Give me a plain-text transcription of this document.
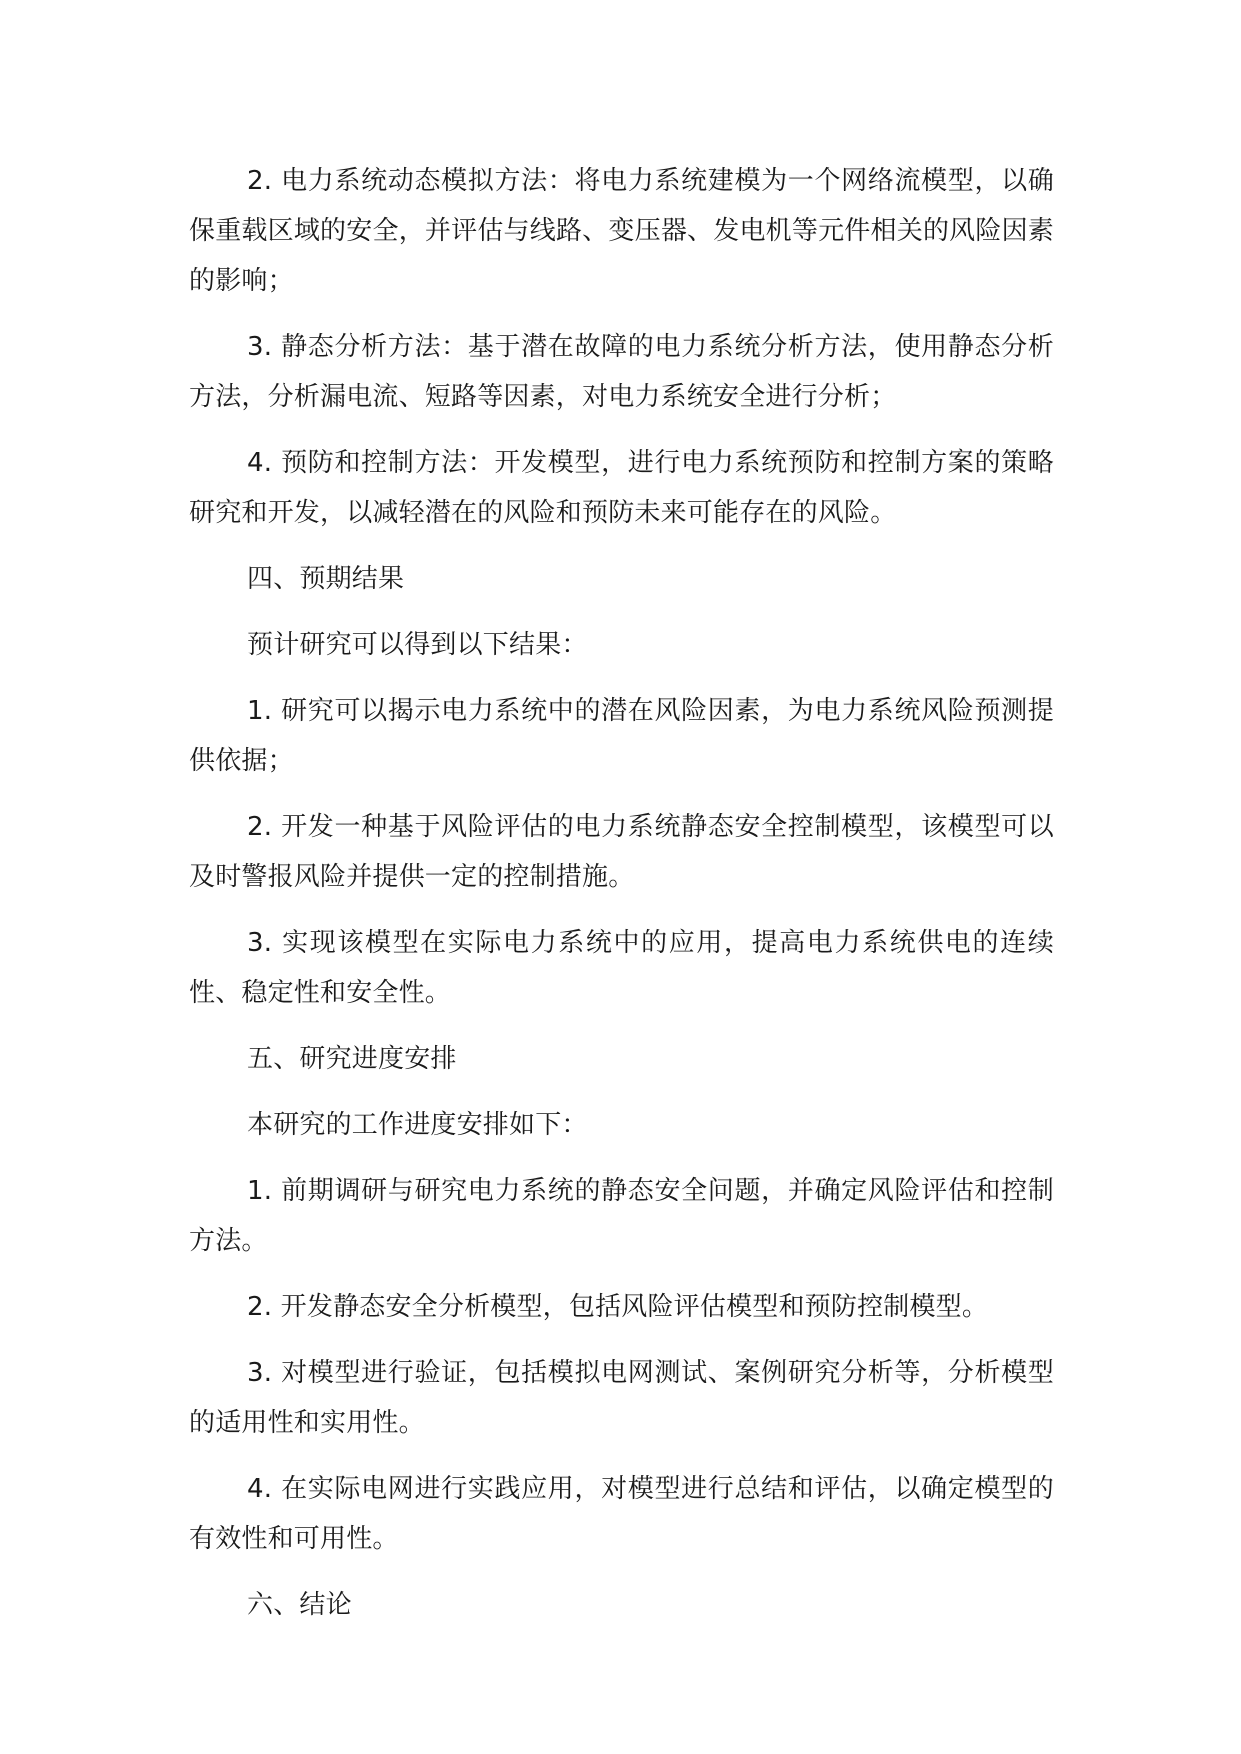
2. 电力系统动态模拟方法：将电力系统建模为一个网络流模型，以确保重载区域的安全，并评估与线路、变压器、发电机等元件相关的风险因素的影响；

3. 静态分析方法：基于潜在故障的电力系统分析方法，使用静态分析方法，分析漏电流、短路等因素，对电力系统安全进行分析；

4. 预防和控制方法：开发模型，进行电力系统预防和控制方案的策略研究和开发，以减轻潜在的风险和预防未来可能存在的风险。

四、预期结果

预计研究可以得到以下结果：

1. 研究可以揭示电力系统中的潜在风险因素，为电力系统风险预测提供依据；

2. 开发一种基于风险评估的电力系统静态安全控制模型，该模型可以及时警报风险并提供一定的控制措施。

3. 实现该模型在实际电力系统中的应用，提高电力系统供电的连续性、稳定性和安全性。

五、研究进度安排

本研究的工作进度安排如下：

1. 前期调研与研究电力系统的静态安全问题，并确定风险评估和控制方法。

2. 开发静态安全分析模型，包括风险评估模型和预防控制模型。

3. 对模型进行验证，包括模拟电网测试、案例研究分析等，分析模型的适用性和实用性。

4. 在实际电网进行实践应用，对模型进行总结和评估，以确定模型的有效性和可用性。

六、结论
